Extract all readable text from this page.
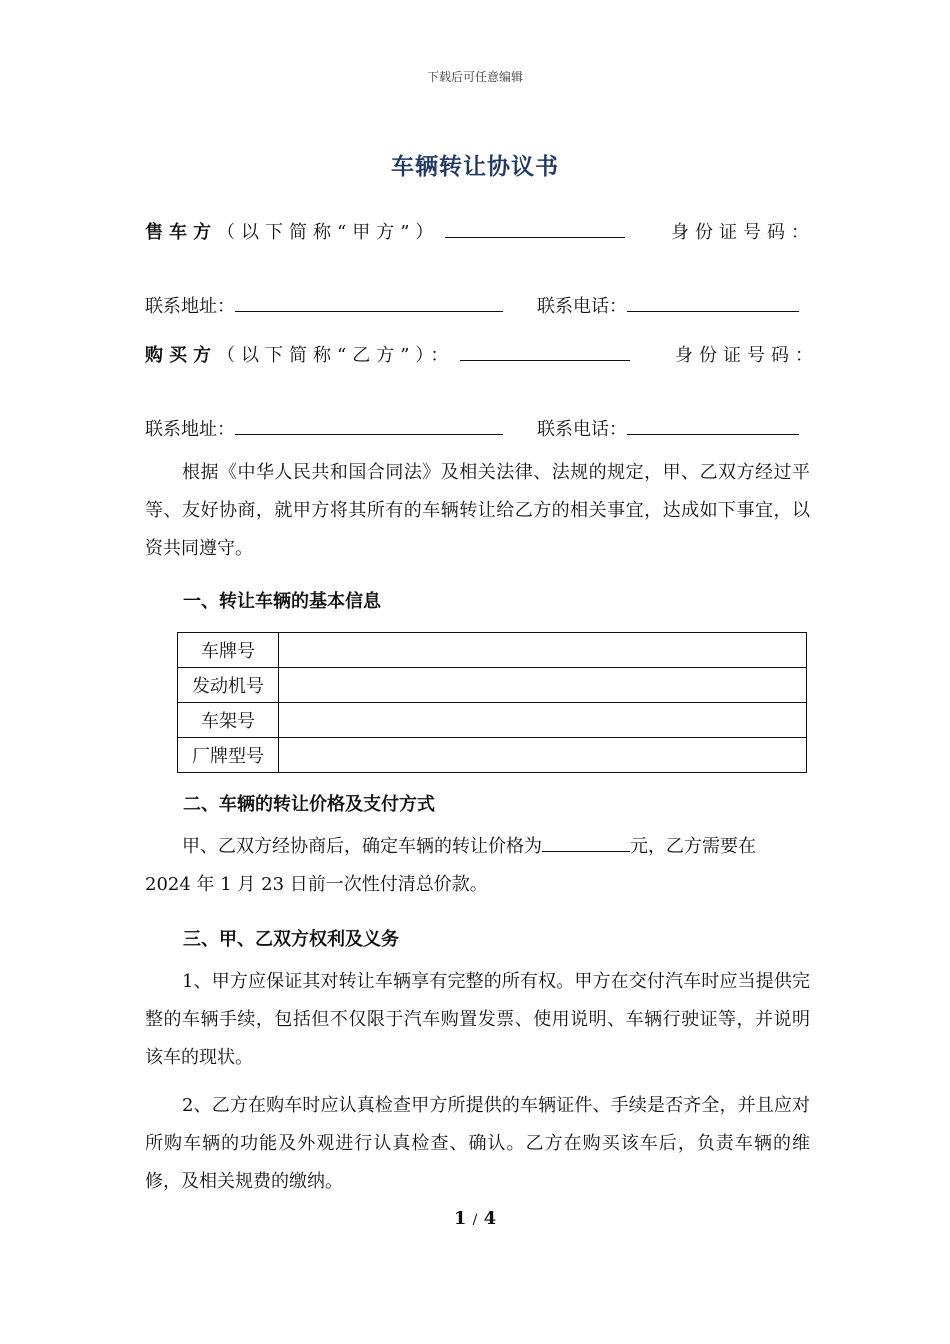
下载后可任意编辑
车辆转让协议书
售车方（以下简称“甲方”）	身份证号码：
联系地址：	联系电话：
购买方（以下简称“乙方”）：	身份证号码：
联系地址：	联系电话：

根据《中华人民共和国合同法》及相关法律、法规的规定，甲、乙双方经过平等、友好协商，就甲方将其所有的车辆转让给乙方的相关事宜，达成如下事宜，以资共同遵守。

一、转让车辆的基本信息
车牌号	
发动机号	
车架号	
厂牌型号	
二、车辆的转让价格及支付方式

甲、乙双方经协商后，确定车辆的转让价格为	元，乙方需要在

2024 年 1 月 23 日前一次性付清总价款。

三、甲、乙双方权利及义务

1、甲方应保证其对转让车辆享有完整的所有权。甲方在交付汽车时应当提供完整的车辆手续，包括但不仅限于汽车购置发票、使用说明、车辆行驶证等，并说明该车的现状。

2、乙方在购车时应认真检查甲方所提供的车辆证件、手续是否齐全，并且应对所购车辆的功能及外观进行认真检查、确认。乙方在购买该车后，负责车辆的维修，及相关规费的缴纳。

1 / 4
